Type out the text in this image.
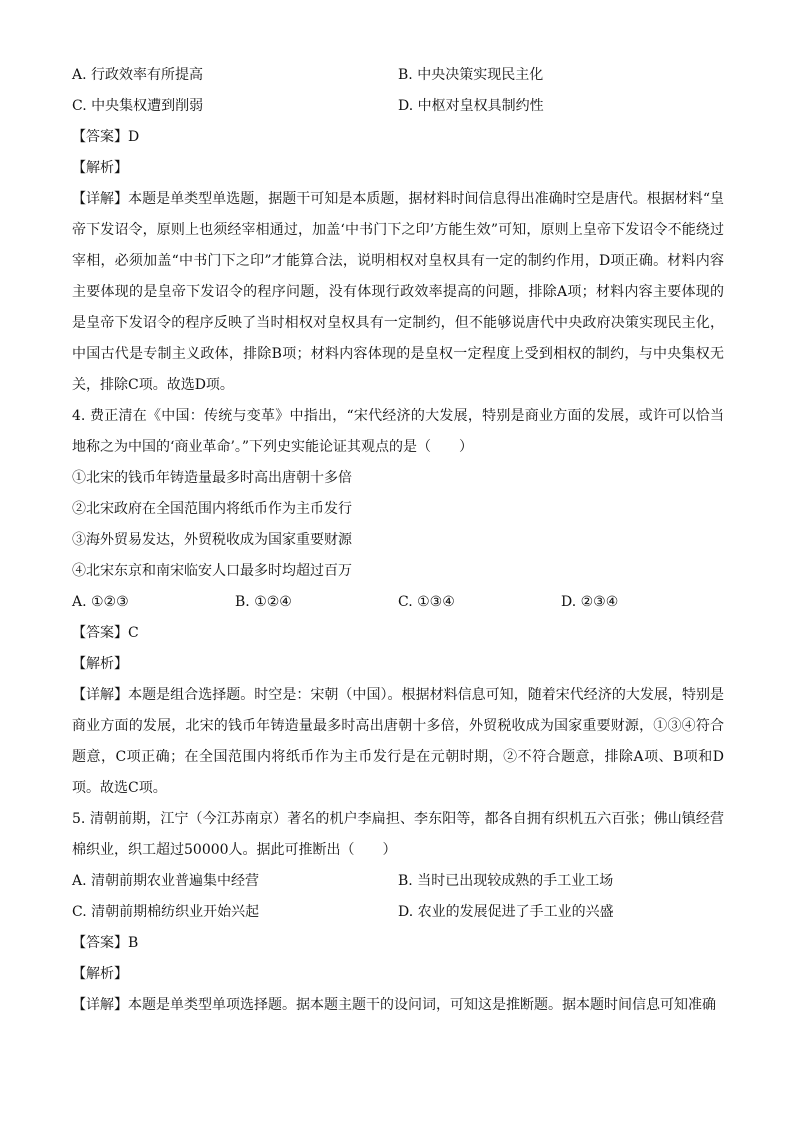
A. 行政效率有所提高	B. 中央决策实现民主化
C. 中央集权遭到削弱	D. 中枢对皇权具制约性
【答案】D
【解析】
【详解】本题是单类型单选题，据题干可知是本质题，据材料时间信息得出准确时空是唐代。根据材料“皇帝下发诏令，原则上也须经宰相通过，加盖‘中书门下之印’方能生效”可知，原则上皇帝下发诏令不能绕过宰相，必须加盖“中书门下之印”才能算合法，说明相权对皇权具有一定的制约作用，D项正确。材料内容主要体现的是皇帝下发诏令的程序问题，没有体现行政效率提高的问题，排除A项；材料内容主要体现的是皇帝下发诏令的程序反映了当时相权对皇权具有一定制约，但不能够说唐代中央政府决策实现民主化，中国古代是专制主义政体，排除B项；材料内容体现的是皇权一定程度上受到相权的制约，与中央集权无关，排除C项。故选D项。
4. 费正清在《中国：传统与变革》中指出，“宋代经济的大发展，特别是商业方面的发展，或许可以恰当地称之为中国的‘商业革命’。”下列史实能论证其观点的是（　　）
①北宋的钱币年铸造量最多时高出唐朝十多倍
②北宋政府在全国范围内将纸币作为主币发行
③海外贸易发达，外贸税收成为国家重要财源
④北宋东京和南宋临安人口最多时均超过百万
A. ①②③	B. ①②④	C. ①③④	D. ②③④
【答案】C
【解析】
【详解】本题是组合选择题。时空是：宋朝（中国）。根据材料信息可知，随着宋代经济的大发展，特别是商业方面的发展，北宋的钱币年铸造量最多时高出唐朝十多倍，外贸税收成为国家重要财源，①③④符合题意，C项正确；在全国范围内将纸币作为主币发行是在元朝时期，②不符合题意，排除A项、B项和D项。故选C项。
5. 清朝前期，江宁（今江苏南京）著名的机户李扁担、李东阳等，都各自拥有织机五六百张；佛山镇经营棉织业，织工超过50000人。据此可推断出（　　）
A. 清朝前期农业普遍集中经营	B. 当时已出现较成熟的手工业工场
C. 清朝前期棉纺织业开始兴起	D. 农业的发展促进了手工业的兴盛
【答案】B
【解析】
【详解】本题是单类型单项选择题。据本题主题干的设问词，可知这是推断题。据本题时间信息可知准确
